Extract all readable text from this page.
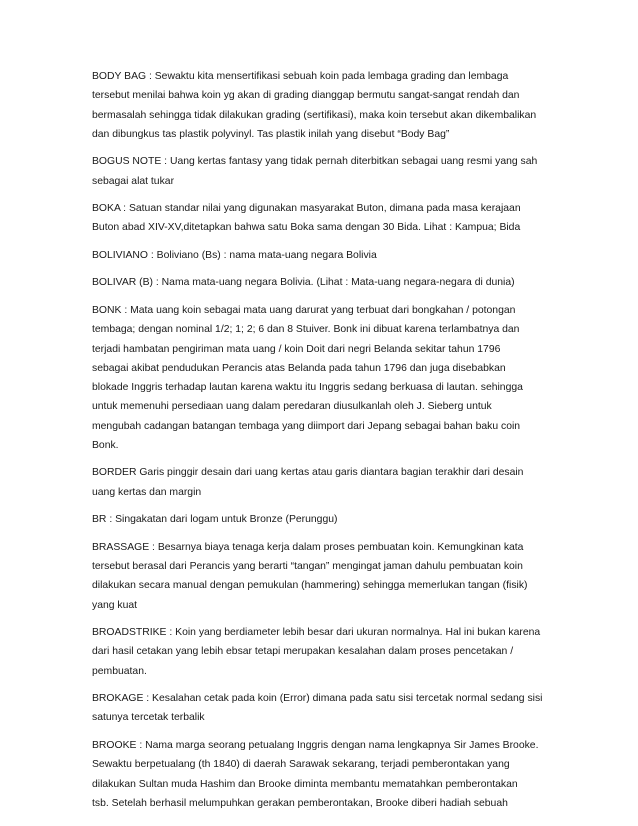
BODY BAG : Sewaktu kita mensertifikasi sebuah koin pada lembaga grading dan lembaga
tersebut menilai bahwa koin yg akan di grading dianggap bermutu sangat-sangat rendah dan
bermasalah sehingga tidak dilakukan grading (sertifikasi), maka koin tersebut akan dikembalikan
dan dibungkus tas plastik polyvinyl. Tas plastik inilah yang disebut “Body Bag”
BOGUS NOTE : Uang kertas fantasy yang tidak pernah diterbitkan sebagai uang resmi yang sah
sebagai alat tukar
BOKA : Satuan standar nilai yang digunakan masyarakat Buton, dimana pada masa kerajaan
Buton abad XIV-XV,ditetapkan bahwa satu Boka sama dengan 30 Bida. Lihat : Kampua; Bida
BOLIVIANO : Boliviano (Bs) : nama mata-uang negara Bolivia
BOLIVAR (B) : Nama mata-uang negara Bolivia. (Lihat : Mata-uang negara-negara di dunia)
BONK : Mata uang koin sebagai mata uang darurat yang terbuat dari bongkahan / potongan
tembaga; dengan nominal 1/2; 1; 2; 6 dan 8 Stuiver. Bonk ini dibuat karena terlambatnya dan
terjadi hambatan pengiriman mata uang / koin Doit dari negri Belanda sekitar tahun 1796
sebagai akibat pendudukan Perancis atas Belanda pada tahun 1796 dan juga disebabkan
blokade Inggris terhadap lautan karena waktu itu Inggris sedang berkuasa di lautan. sehingga
untuk memenuhi persediaan uang dalam peredaran diusulkanlah oleh J. Sieberg untuk
mengubah cadangan batangan tembaga yang diimport dari Jepang sebagai bahan baku coin
Bonk.
BORDER Garis pinggir desain dari uang kertas atau garis diantara bagian terakhir dari desain
uang kertas dan margin
BR : Singakatan dari logam untuk Bronze (Perunggu)
BRASSAGE : Besarnya biaya tenaga kerja dalam proses pembuatan koin. Kemungkinan kata
tersebut berasal dari Perancis yang berarti “tangan” mengingat jaman dahulu pembuatan koin
dilakukan secara manual dengan pemukulan (hammering) sehingga memerlukan tangan (fisik)
yang kuat
BROADSTRIKE : Koin yang berdiameter lebih besar dari ukuran normalnya. Hal ini bukan karena
dari hasil cetakan yang lebih ebsar tetapi merupakan kesalahan dalam proses pencetakan /
pembuatan.
BROKAGE : Kesalahan cetak pada koin (Error) dimana pada satu sisi tercetak normal sedang sisi
satunya tercetak terbalik
BROOKE : Nama marga seorang petualang Inggris dengan nama lengkapnya Sir James Brooke.
Sewaktu berpetualang (th 1840) di daerah Sarawak sekarang, terjadi pemberontakan yang
dilakukan Sultan muda Hashim dan Brooke diminta membantu mematahkan pemberontakan
tsb. Setelah berhasil melumpuhkan gerakan pemberontakan, Brooke diberi hadiah sebuah
